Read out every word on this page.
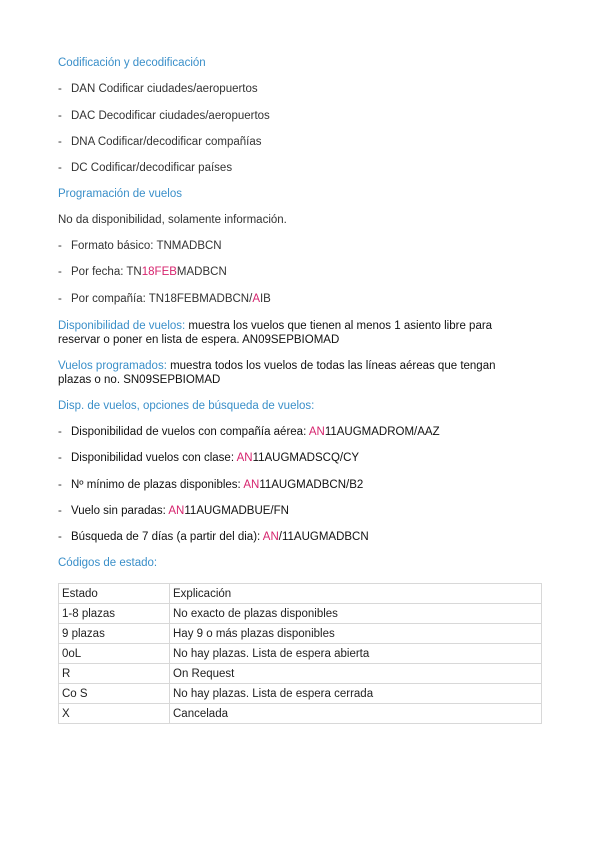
Codificación y decodificación
- DAN Codificar ciudades/aeropuertos
- DAC Decodificar ciudades/aeropuertos
- DNA Codificar/decodificar compañías
- DC Codificar/decodificar países
Programación de vuelos
No da disponibilidad, solamente información.
- Formato básico: TNMADBCN
- Por fecha: TN18FEBMADBCN
- Por compañía: TN18FEBMADBCN/AIB
Disponibilidad de vuelos: muestra los vuelos que tienen al menos 1 asiento libre para
reservar o poner en lista de espera. AN09SEPBIOMAD
Vuelos programados: muestra todos los vuelos de todas las líneas aéreas que tengan
plazas o no. SN09SEPBIOMAD
Disp. de vuelos, opciones de búsqueda de vuelos:
- Disponibilidad de vuelos con compañía aérea: AN11AUGMADROM/AAZ
- Disponibilidad vuelos con clase: AN11AUGMADSCQ/CY
- Nº mínimo de plazas disponibles: AN11AUGMADBCN/B2
- Vuelo sin paradas: AN11AUGMADBUE/FN
- Búsqueda de 7 días (a partir del dia): AN/11AUGMADBCN
Códigos de estado:
Estado	Explicación
1-8 plazas	No exacto de plazas disponibles
9 plazas	Hay 9 o más plazas disponibles
0oL	No hay plazas. Lista de espera abierta
R	On Request
Co S	No hay plazas. Lista de espera cerrada
X	Cancelada
